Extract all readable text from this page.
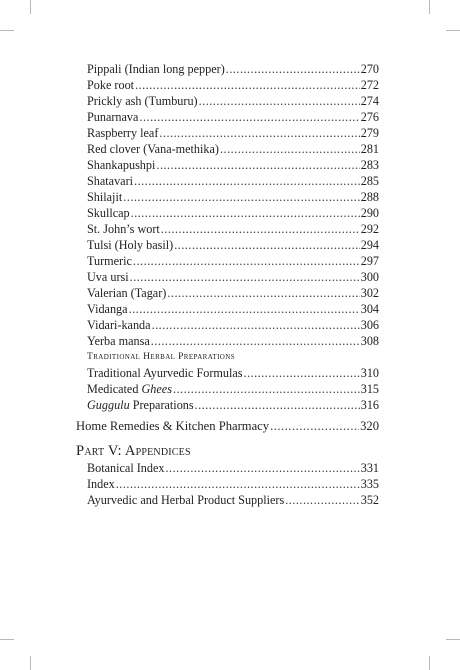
Pippali (Indian long pepper) .....	270
Poke root .....	272
Prickly ash (Tumburu) .....	274
Punarnava .....	276
Raspberry leaf .....	279
Red clover (Vana-methika) .....	281
Shankapushpi .....	283
Shatavari .....	285
Shilajit .....	288
Skullcap .....	290
St. John’s wort .....	292
Tulsi (Holy basil) .....	294
Turmeric .....	297
Uva ursi .....	300
Valerian (Tagar) .....	302
Vidanga .....	304
Vidari-kanda .....	306
Yerba mansa .....	308
Traditional Herbal Preparations
Traditional Ayurvedic Formulas .....	310
Medicated Ghees .....	315
Guggulu Preparations .....	316
Home Remedies & Kitchen Pharmacy .....	320
Part V: Appendices
Botanical Index .....	331
Index .....	335
Ayurvedic and Herbal Product Suppliers .....	352
